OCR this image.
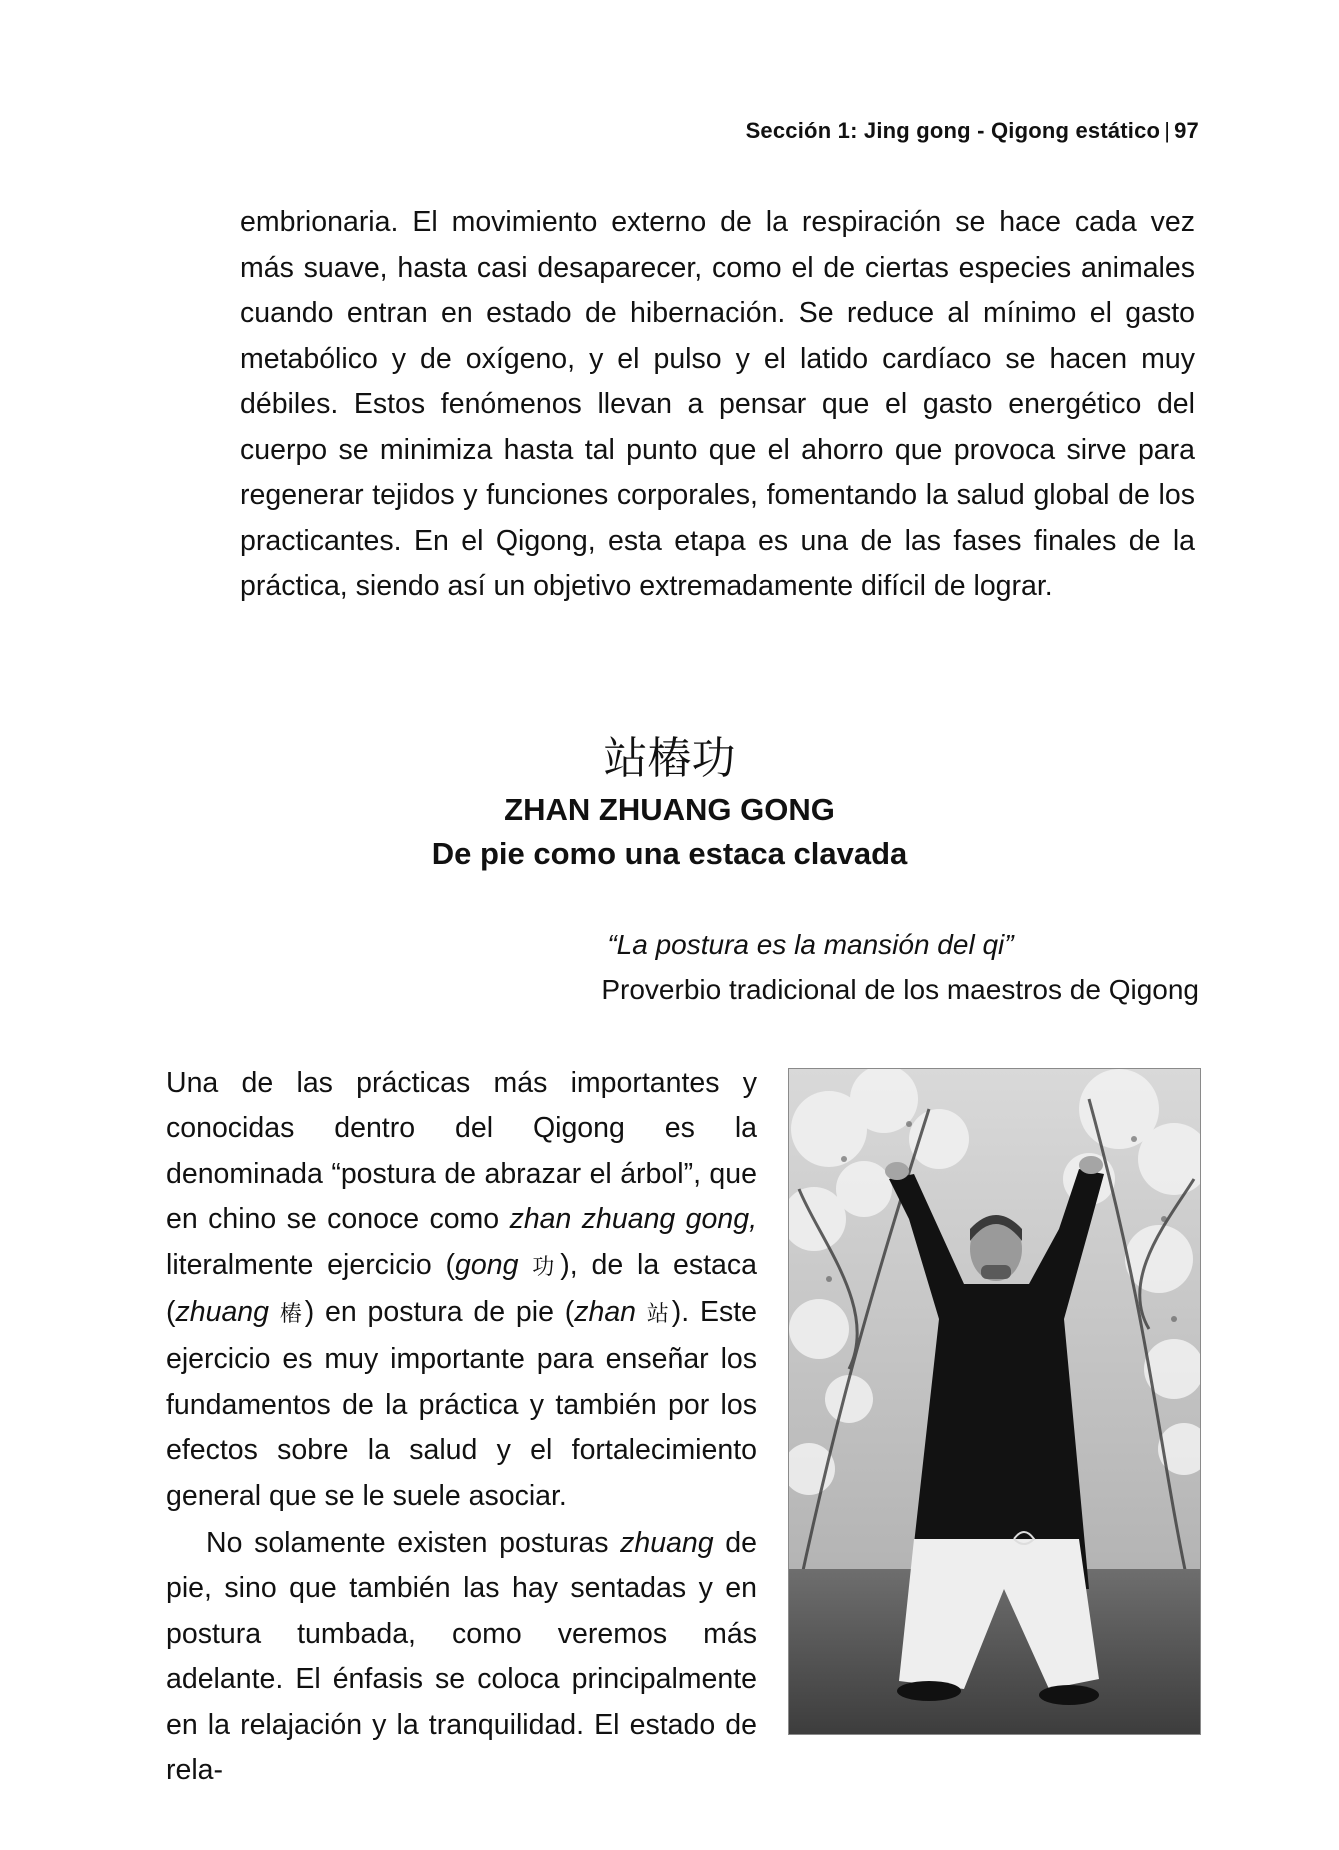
Sección 1: Jing gong - Qigong estático | 97

embrionaria. El movimiento externo de la respiración se hace cada vez más suave, hasta casi desaparecer, como el de ciertas especies animales cuando entran en estado de hibernación. Se reduce al mínimo el gasto metabólico y de oxígeno, y el pulso y el latido cardíaco se hacen muy débiles. Estos fenómenos llevan a pensar que el gasto energético del cuerpo se minimiza hasta tal punto que el ahorro que provoca sirve para regenerar tejidos y funciones corporales, fomentando la salud global de los practicantes. En el Qigong, esta etapa es una de las fases finales de la práctica, siendo así un objetivo extremadamente difícil de lograr.

站樁功
ZHAN ZHUANG GONG
De pie como una estaca clavada
“La postura es la mansión del qi”
Proverbio tradicional de los maestros de Qigong

Una de las prácticas más importantes y conocidas dentro del Qigong es la denominada “postura de abrazar el árbol”, que en chino se conoce como zhan zhuang gong, literalmente ejercicio (gong 功), de la estaca (zhuang 樁) en postura de pie (zhan 站). Este ejercicio es muy importante para enseñar los fundamentos de la práctica y también por los efectos sobre la salud y el fortalecimiento general que se le suele asociar.

No solamente existen posturas zhuang de pie, sino que también las hay sentadas y en postura tumbada, como veremos más adelante. El énfasis se coloca principalmente en la relajación y la tranquilidad. El estado de rela-
